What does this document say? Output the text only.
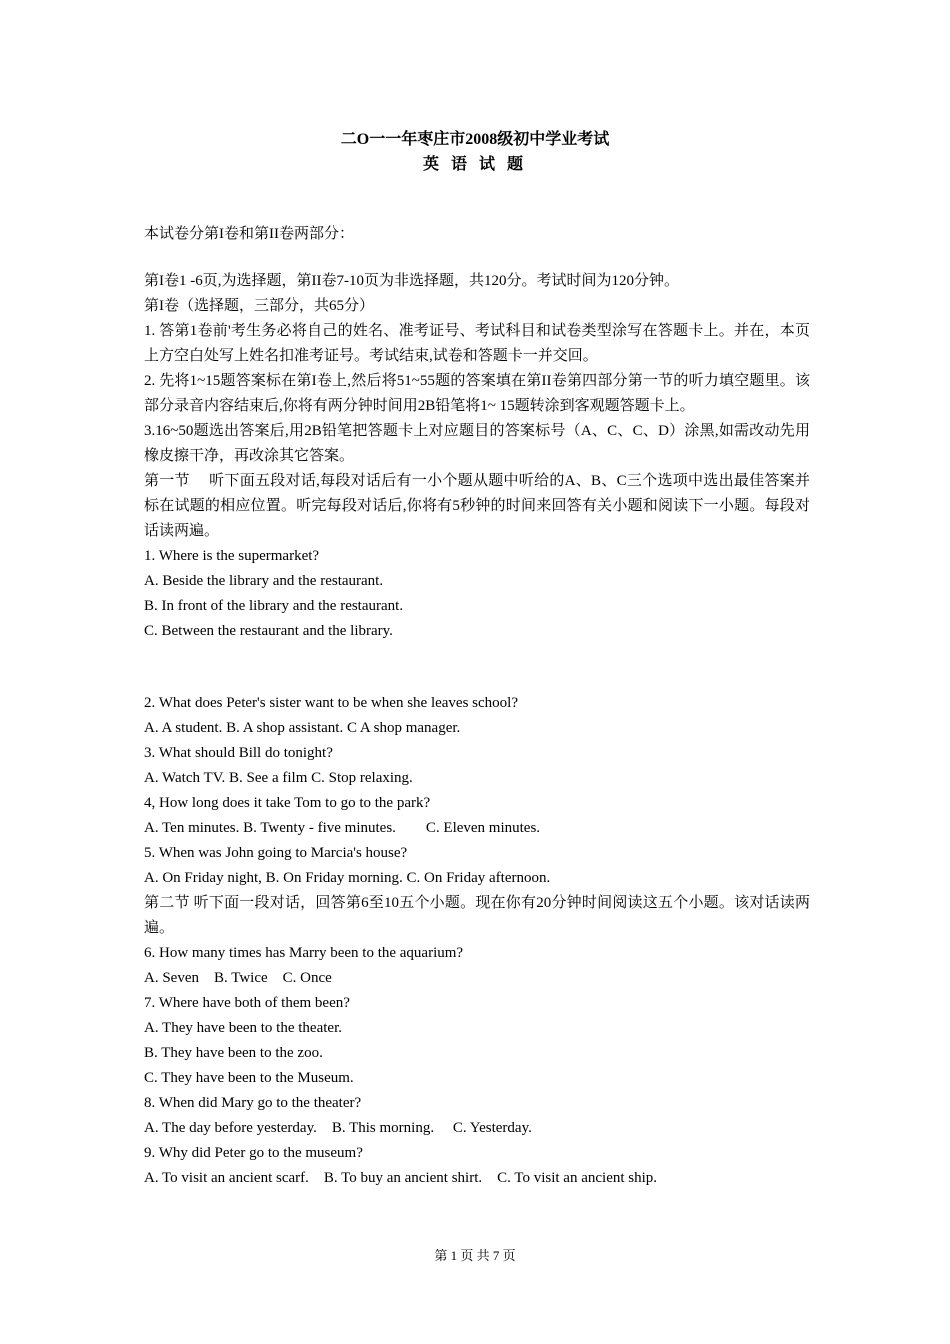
二O一一年枣庄市2008级初中学业考试
英 语 试 题

本试卷分第I卷和第II卷两部分：

第I卷1 -6页,为选择题，第II卷7-10页为非选择题，共120分。考试时间为120分钟。

第I卷（选择题，三部分，共65分）

1. 答第1卷前'考生务必将自己的姓名、准考证号、考试科目和试卷类型涂写在答题卡上。并在，本页上方空白处写上姓名扣准考证号。考试结束,试卷和答题卡一并交回。

2. 先将1~15题答案标在第I卷上,然后将51~55题的答案填在第II卷第四部分第一节的听力填空题里。该部分录音内容结束后,你将有两分钟时间用2B铅笔将1~ 15题转涂到客观题答题卡上。

3.16~50题选出答案后,用2B铅笔把答题卡上对应题目的答案标号（A、C、C、D）涂黑,如需改动先用橡皮擦干净，再改涂其它答案。

第一节　 听下面五段对话,每段对话后有一小个题从题中听给的A、B、C三个选项中选出最佳答案并标在试题的相应位置。听完每段对话后,你将有5秒钟的时间来回答有关小题和阅读下一小题。每段对话读两遍。

1. Where is the supermarket?

A. Beside the library and the restaurant.

B. In front of the library and the restaurant.

C. Between the restaurant and the library.

2. What does Peter's sister want to be when she leaves school?

A. A student. B. A shop assistant. C A shop manager.

3. What should Bill do tonight?

A. Watch TV. B. See a film C. Stop relaxing.

4, How long does it take Tom to go to the park?

A. Ten minutes. B. Twenty - five minutes.　　C. Eleven minutes.

5. When was John going to Marcia's house?

A. On Friday night, B. On Friday morning. C. On Friday afternoon.

第二节 听下面一段对话，回答第6至10五个小题。现在你有20分钟时间阅读这五个小题。该对话读两遍。

6. How many times has Marry been to the aquarium?

A. Seven　B. Twice　C. Once

7. Where have both of them been?

A. They have been to the theater.

B. They have been to the zoo.

C. They have been to the Museum.

8. When did Mary go to the theater?

A. The day before yesterday.　B. This morning.　 C. Yesterday.

9. Why did Peter go to the museum?

A. To visit an ancient scarf.　B. To buy an ancient shirt.　C. To visit an ancient ship.

第 1 页 共 7 页
